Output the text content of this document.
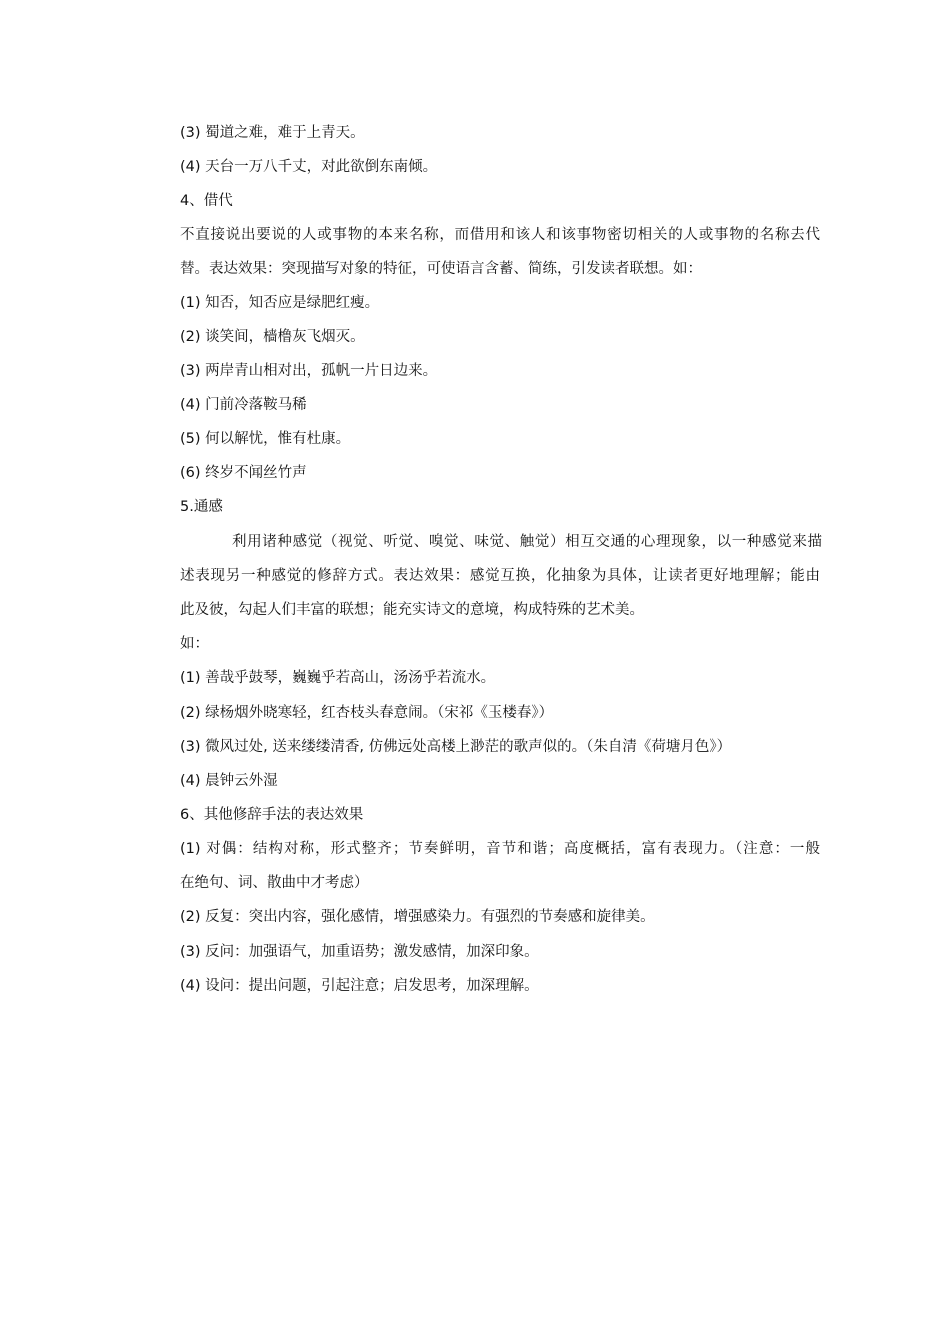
(3) 蜀道之难，难于上青天。
(4) 天台一万八千丈，对此欲倒东南倾。
4、借代
不直接说出要说的人或事物的本来名称，而借用和该人和该事物密切相关的人或事物的名称去代
替。表达效果：突现描写对象的特征，可使语言含蓄、简练，引发读者联想。如：
(1) 知否，知否应是绿肥红瘦。
(2) 谈笑间，樯橹灰飞烟灭。
(3) 两岸青山相对出，孤帆一片日边来。
(4) 门前冷落鞍马稀
(5) 何以解忧，惟有杜康。
(6) 终岁不闻丝竹声
5.通感
利用诸种感觉（视觉、听觉、嗅觉、味觉、触觉）相互交通的心理现象，以一种感觉来描
述表现另一种感觉的修辞方式。表达效果：感觉互换，化抽象为具体，让读者更好地理解；能由
此及彼，勾起人们丰富的联想；能充实诗文的意境，构成特殊的艺术美。
如：
(1) 善哉乎鼓琴，巍巍乎若高山，汤汤乎若流水。
(2) 绿杨烟外晓寒轻，红杏枝头春意闹。（宋祁《玉楼春》）
(3) 微风过处, 送来缕缕清香, 仿佛远处高楼上渺茫的歌声似的。（朱自清《荷塘月色》）
(4) 晨钟云外湿
6、其他修辞手法的表达效果
(1) 对偶：结构对称，形式整齐；节奏鲜明，音节和谐；高度概括，富有表现力。（注意：一般
在绝句、词、散曲中才考虑）
(2) 反复：突出内容，强化感情，增强感染力。有强烈的节奏感和旋律美。
(3) 反问：加强语气，加重语势；激发感情，加深印象。
(4) 设问：提出问题，引起注意；启发思考，加深理解。
